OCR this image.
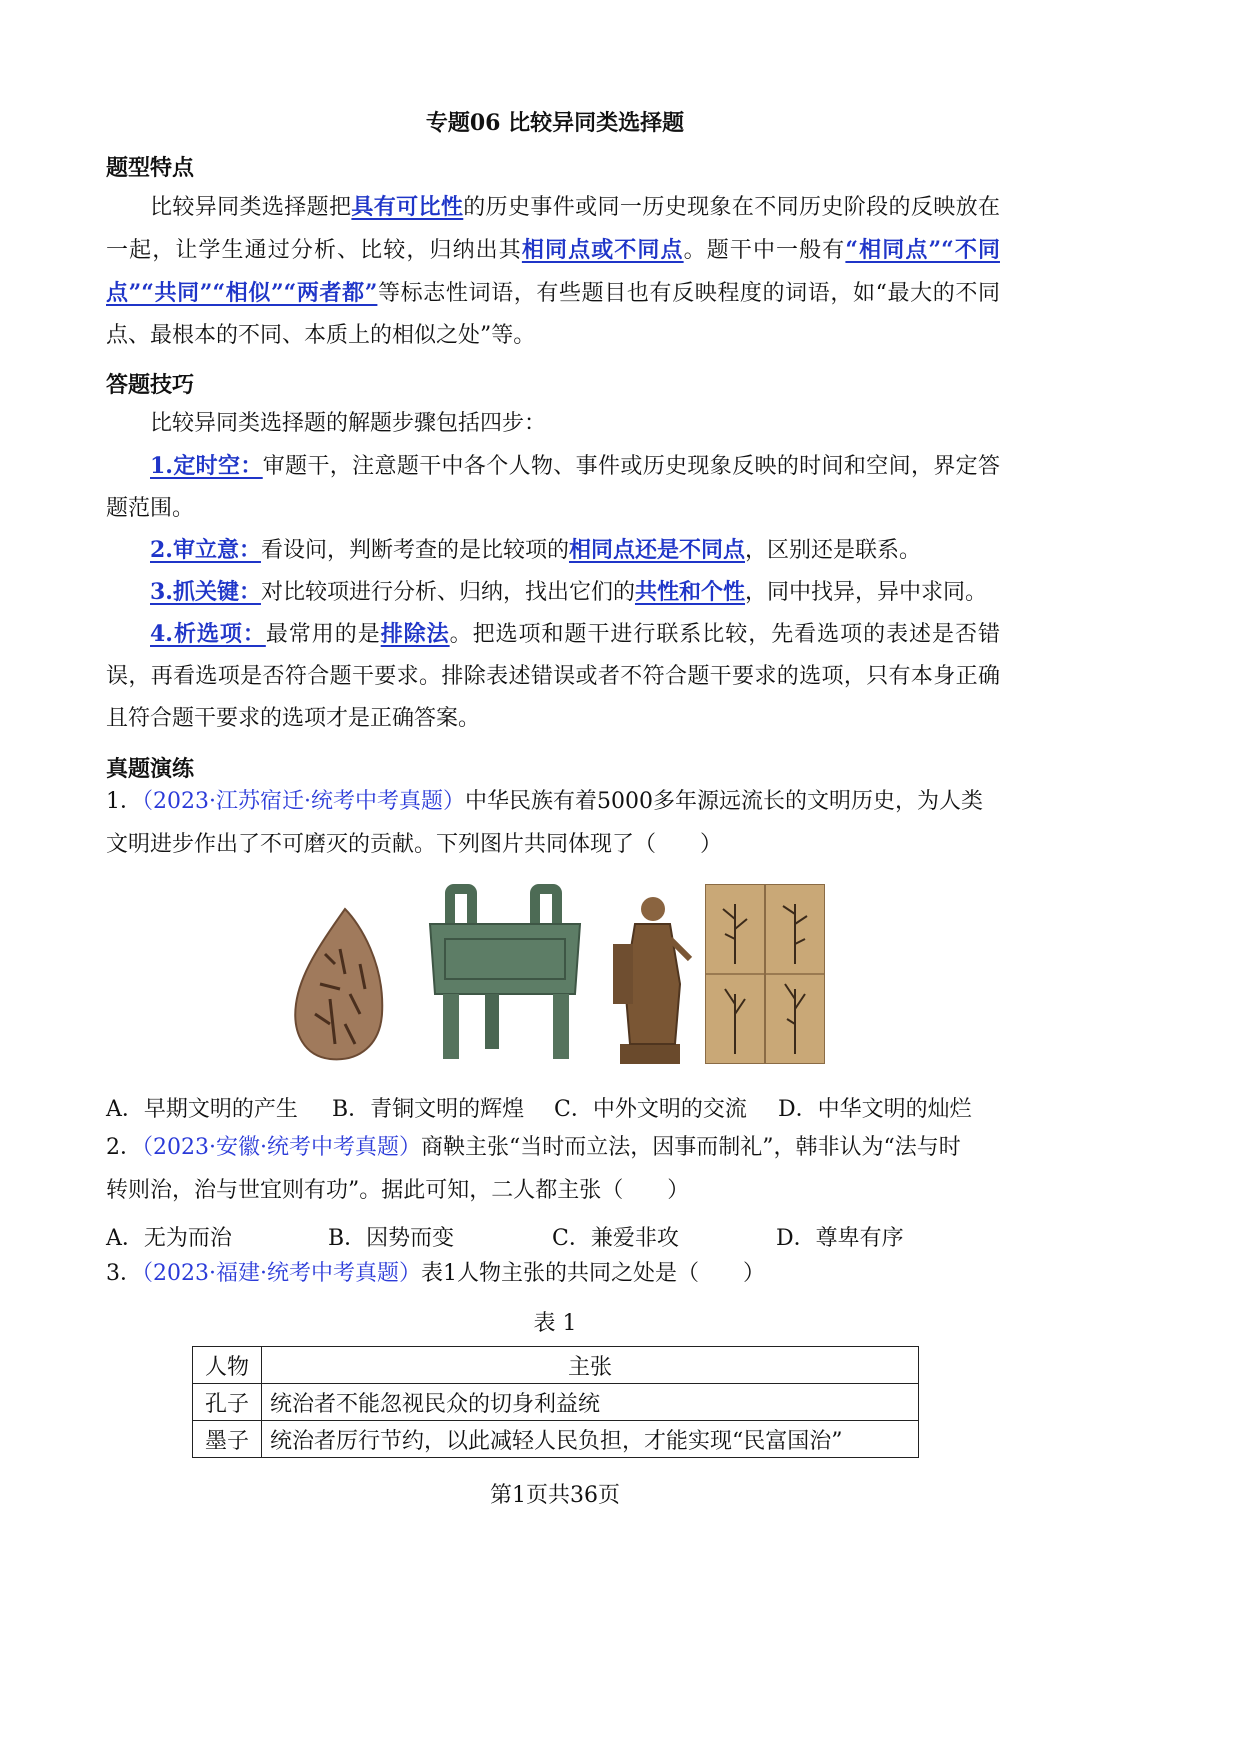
专题06 比较异同类选择题
题型特点
比较异同类选择题把具有可比性的历史事件或同一历史现象在不同历史阶段的反映放在一起，让学生通过分析、比较，归纳出其相同点或不同点。题干中一般有“相同点”“不同点”“共同”“相似”“两者都”等标志性词语，有些题目也有反映程度的词语，如“最大的不同点、最根本的不同、本质上的相似之处”等。
答题技巧
比较异同类选择题的解题步骤包括四步：
1.定时空：审题干，注意题干中各个人物、事件或历史现象反映的时间和空间，界定答题范围。
2.审立意：看设问，判断考查的是比较项的相同点还是不同点，区别还是联系。
3.抓关键：对比较项进行分析、归纳，找出它们的共性和个性，同中找异，异中求同。
4.析选项：最常用的是排除法。把选项和题干进行联系比较，先看选项的表述是否错误，再看选项是否符合题干要求。排除表述错误或者不符合题干要求的选项，只有本身正确且符合题干要求的选项才是正确答案。
真题演练
1．（2023·江苏宿迁·统考中考真题）中华民族有着5000多年源远流长的文明历史，为人类
文明进步作出了不可磨灭的贡献。下列图片共同体现了（　　）
A．早期文明的产生	B．青铜文明的辉煌	C．中外文明的交流	D．中华文明的灿烂
2．（2023·安徽·统考中考真题）商鞅主张“当时而立法，因事而制礼”，韩非认为“法与时
转则治，治与世宜则有功”。据此可知，二人都主张（　　）
A．无为而治	B．因势而变	C．兼爱非攻	D．尊卑有序
3．（2023·福建·统考中考真题）表1人物主张的共同之处是（　　）
表 1
人物	主张
孔子	统治者不能忽视民众的切身利益统
墨子	统治者厉行节约，以此减轻人民负担，才能实现“民富国治”
第1页共36页
